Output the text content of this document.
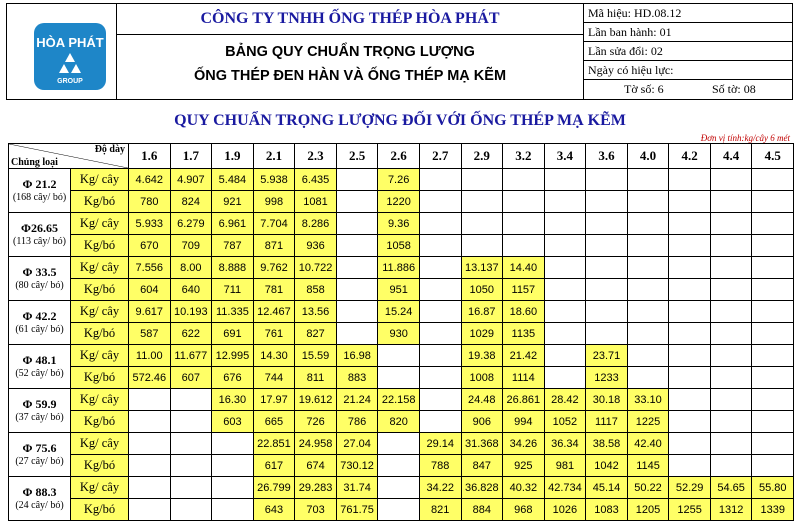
HÒA PHÁT
GROUP
CÔNG TY TNHH ỐNG THÉP HÒA PHÁT
BẢNG QUY CHUẨN TRỌNG LƯỢNG
ỐNG THÉP ĐEN HÀN VÀ ỐNG THÉP MẠ KẼM
Mã hiệu: HD.08.12
Lần ban hành: 01
Lần sửa đổi: 02
Ngày có hiệu lực:
Tờ số: 6	Số tờ: 08
QUY CHUẨN TRỌNG LƯỢNG ĐỐI VỚI ỐNG THÉP MẠ KẼM
Đơn vị tính:kg/cây 6 mét
Độ dày
Chủng loại		1.6	1.7	1.9	2.1	2.3	2.5	2.6	2.7	2.9	3.2	3.4	3.6	4.0	4.2	4.4	4.5

Φ 21.2
(168 cây/ bó)	Kg/ cây	4.642	4.907	5.484	5.938	6.435		7.26									
	Kg/bó	780	824	921	998	1081		1220									

Φ26.65
(113 cây/ bó)	Kg/ cây	5.933	6.279	6.961	7.704	8.286		9.36									
	Kg/bó	670	709	787	871	936		1058									

Φ 33.5
(80 cây/ bó)	Kg/ cây	7.556	8.00	8.888	9.762	10.722		11.886		13.137	14.40						
	Kg/bó	604	640	711	781	858		951		1050	1157						

Φ 42.2
(61 cây/ bó)	Kg/ cây	9.617	10.193	11.335	12.467	13.56		15.24		16.87	18.60						
	Kg/bó	587	622	691	761	827		930		1029	1135						

Φ 48.1
(52 cây/ bó)	Kg/ cây	11.00	11.677	12.995	14.30	15.59	16.98			19.38	21.42		23.71				
	Kg/bó	572.46	607	676	744	811	883			1008	1114		1233				

Φ 59.9
(37 cây/ bó)	Kg/ cây			16.30	17.97	19.612	21.24	22.158		24.48	26.861	28.42	30.18	33.10			
	Kg/bó			603	665	726	786	820		906	994	1052	1117	1225			

Φ 75.6
(27 cây/ bó)	Kg/ cây				22.851	24.958	27.04		29.14	31.368	34.26	36.34	38.58	42.40			
	Kg/bó				617	674	730.12		788	847	925	981	1042	1145			

Φ 88.3
(24 cây/ bó)	Kg/ cây				26.799	29.283	31.74		34.22	36.828	40.32	42.734	45.14	50.22	52.29	54.65	55.80
	Kg/bó				643	703	761.75		821	884	968	1026	1083	1205	1255	1312	1339
